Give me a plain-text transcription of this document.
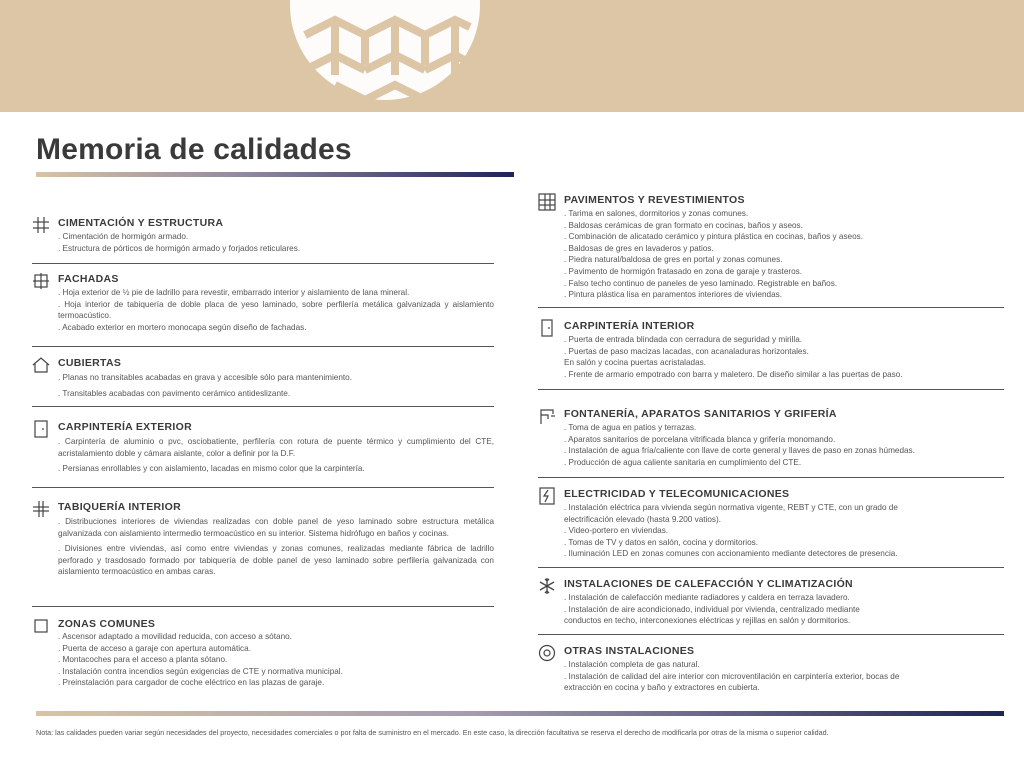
Memoria de calidades
CIMENTACIÓN Y ESTRUCTURA
. Cimentación de hormigón armado.
. Estructura de pórticos de hormigón armado y forjados reticulares.
FACHADAS
. Hoja exterior de ½ pie de ladrillo para revestir, embarrado interior y aislamiento de lana mineral.
. Hoja interior de tabiquería de doble placa de yeso laminado, sobre perfilería metálica galvanizada y aislamiento termoacústico.
. Acabado exterior en mortero monocapa según diseño de fachadas.
CUBIERTAS
. Planas no transitables acabadas en grava y accesible sólo para mantenimiento.
. Transitables acabadas con pavimento cerámico antideslizante.
CARPINTERÍA EXTERIOR
. Carpintería de aluminio o pvc, osciobatiente, perfilería con rotura de puente térmico y cumplimiento del CTE, acristalamiento doble y cámara aislante, color a definir por la D.F.
. Persianas enrollables y con aislamiento, lacadas en mismo color que la carpintería.
TABIQUERÍA INTERIOR
. Distribuciones interiores de viviendas realizadas con doble panel de yeso laminado sobre estructura metálica galvanizada con aislamiento intermedio termoacústico en su interior. Sistema hidrófugo en baños y cocinas.
. Divisiones entre viviendas, así como entre viviendas y zonas comunes, realizadas mediante fábrica de ladrillo perforado y trasdosado formado por tabiquería de doble panel de yeso laminado sobre perfilería galvanizada con aislamiento termoacústico en ambas caras.
ZONAS COMUNES
. Ascensor adaptado a movilidad reducida, con acceso a sótano.
. Puerta de acceso a garaje con apertura automática.
. Montacoches para el acceso a planta sótano.
. Instalación contra incendios según exigencias de CTE y normativa municipal.
. Preinstalación para cargador de coche eléctrico en las plazas de garaje.
PAVIMENTOS Y REVESTIMIENTOS
. Tarima en salones, dormitorios y zonas comunes.
. Baldosas cerámicas de gran formato en cocinas, baños y aseos.
. Combinación de alicatado cerámico y pintura plástica en cocinas, baños y aseos.
. Baldosas de gres en lavaderos y patios.
. Piedra natural/baldosa de gres en portal y zonas comunes.
. Pavimento de hormigón fratasado en zona de garaje y trasteros.
. Falso techo continuo de paneles de yeso laminado. Registrable en baños.
. Pintura plástica lisa en paramentos interiores de viviendas.
CARPINTERÍA INTERIOR
. Puerta de entrada blindada con cerradura de seguridad y mirilla.
. Puertas de paso macizas lacadas, con acanaladuras horizontales.
En salón y cocina puertas acristaladas.
. Frente de armario empotrado con barra y maletero. De diseño similar a las puertas de paso.
FONTANERÍA, APARATOS SANITARIOS Y GRIFERÍA
. Toma de agua en patios y terrazas.
. Aparatos sanitarios de porcelana vitrificada blanca y grifería monomando.
. Instalación de agua fría/caliente con llave de corte general y llaves de paso en zonas húmedas.
. Producción de agua caliente sanitaria en cumplimiento del CTE.
ELECTRICIDAD Y TELECOMUNICACIONES
. Instalación eléctrica para vivienda según normativa vigente, REBT y CTE, con un grado de
electrificación elevado (hasta 9.200 vatios).
. Video-portero en viviendas.
. Tomas de TV y datos en salón, cocina y dormitorios.
. Iluminación LED en zonas comunes con accionamiento mediante detectores de presencia.
INSTALACIONES DE CALEFACCIÓN Y CLIMATIZACIÓN
. Instalación de calefacción mediante radiadores y caldera en terraza lavadero.
. Instalación de aire acondicionado, individual por vivienda, centralizado mediante
conductos en techo, interconexiones eléctricas y rejillas en salón y dormitorios.
OTRAS INSTALACIONES
. Instalación completa de gas natural.
. Instalación de calidad del aire interior con microventilación en carpintería exterior, bocas de
extracción en cocina y baño y extractores en cubierta.

Nota: las calidades pueden variar según necesidades del proyecto, necesidades comerciales o por falta de suministro en el mercado. En este caso, la dirección facultativa se reserva el derecho de modificarla por otras de la misma o superior calidad.
